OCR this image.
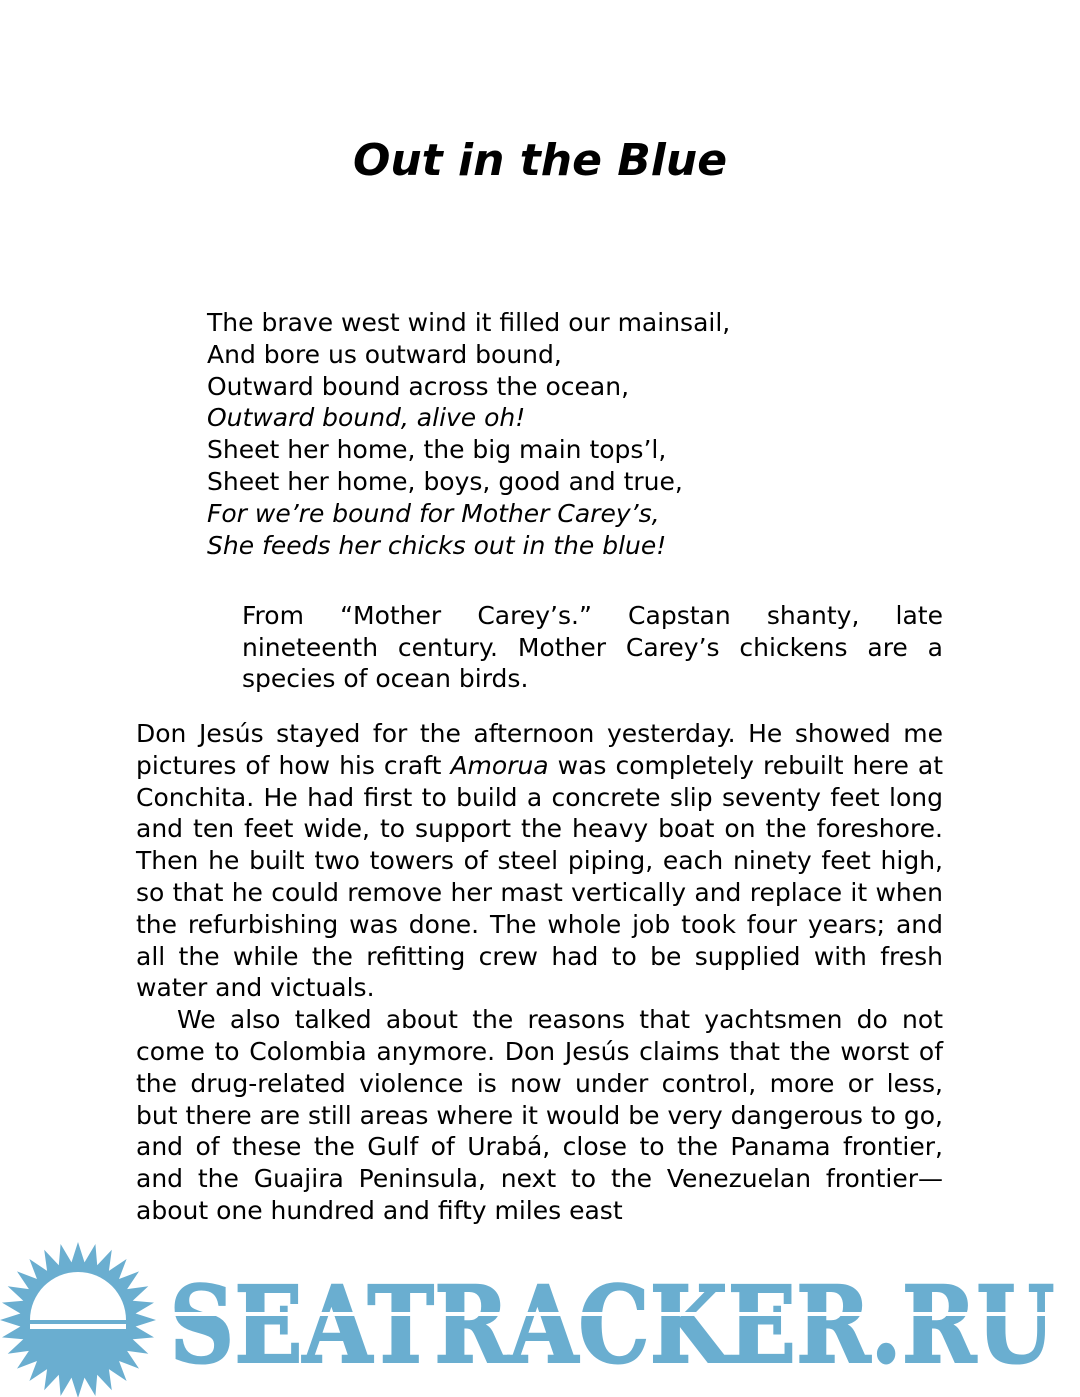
Out in the Blue
The brave west wind it filled our mainsail,
And bore us outward bound,
Outward bound across the ocean,
Outward bound, alive oh!
Sheet her home, the big main tops’l,
Sheet her home, boys, good and true,
For we’re bound for Mother Carey’s,
She feeds her chicks out in the blue!

From “Mother Carey’s.” Capstan shanty, late nineteenth century. Mother Carey’s chickens are a species of ocean birds.

Don Jesús stayed for the afternoon yesterday. He showed me pictures of how his craft Amorua was completely rebuilt here at Conchita. He had first to build a concrete slip seventy feet long and ten feet wide, to support the heavy boat on the foreshore. Then he built two towers of steel piping, each ninety feet high, so that he could remove her mast vertically and replace it when the refurbishing was done. The whole job took four years; and all the while the refitting crew had to be supplied with fresh water and victuals.

We also talked about the reasons that yachtsmen do not come to Colombia anymore. Don Jesús claims that the worst of the drug-related violence is now under control, more or less, but there are still areas where it would be very dangerous to go, and of these the Gulf of Urabá, close to the Panama frontier, and the Guajira Peninsula, next to the Venezuelan frontier—about one hundred and fifty miles east

SEATRACKER.RU
